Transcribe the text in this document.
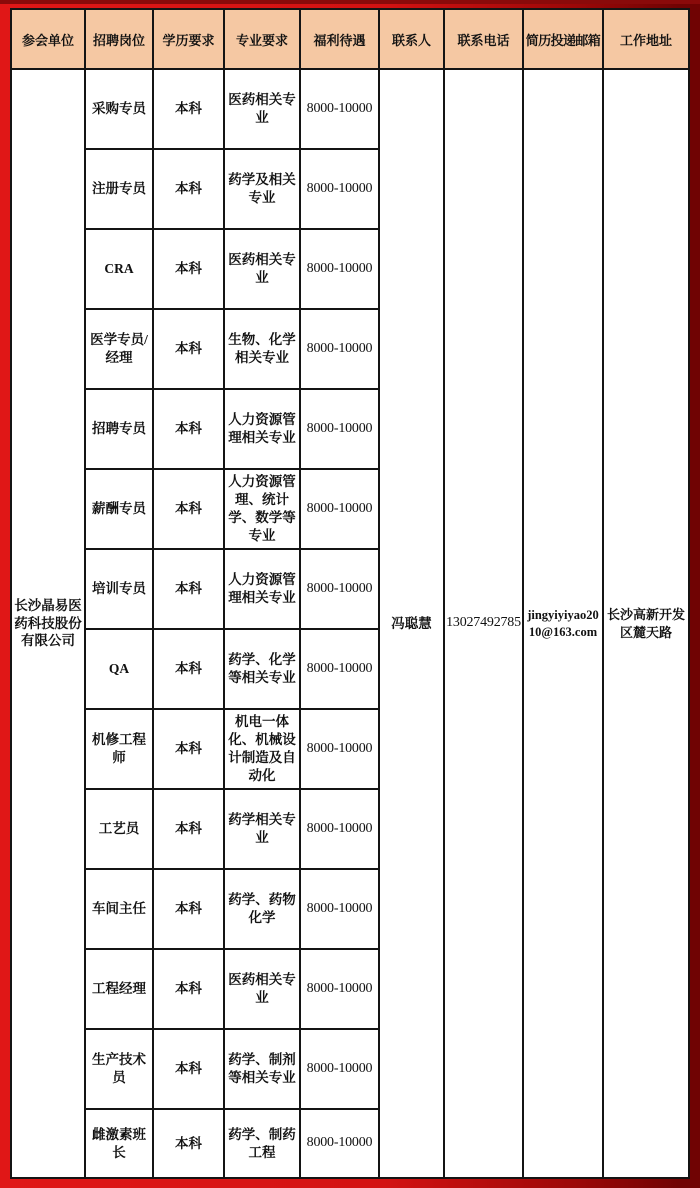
参会单位	招聘岗位	学历要求	专业要求	福利待遇	联系人	联系电话	简历投递邮箱	工作地址
长沙晶易医药科技股份有限公司	采购专员	本科	医药相关专业	8000-10000	冯聪慧	13027492785	jingyiyiyao2010@163.com	长沙高新开发区麓天路
	注册专员	本科	药学及相关专业	8000-10000				
	CRA	本科	医药相关专业	8000-10000				
	医学专员/经理	本科	生物、化学相关专业	8000-10000				
	招聘专员	本科	人力资源管理相关专业	8000-10000				
	薪酬专员	本科	人力资源管理、统计学、数学等专业	8000-10000				
	培训专员	本科	人力资源管理相关专业	8000-10000				
	QA	本科	药学、化学等相关专业	8000-10000				
	机修工程师	本科	机电一体化、机械设计制造及自动化	8000-10000				
	工艺员	本科	药学相关专业	8000-10000				
	车间主任	本科	药学、药物化学	8000-10000				
	工程经理	本科	医药相关专业	8000-10000				
	生产技术员	本科	药学、制剂等相关专业	8000-10000				
	雌激素班长	本科	药学、制药工程	8000-10000				
